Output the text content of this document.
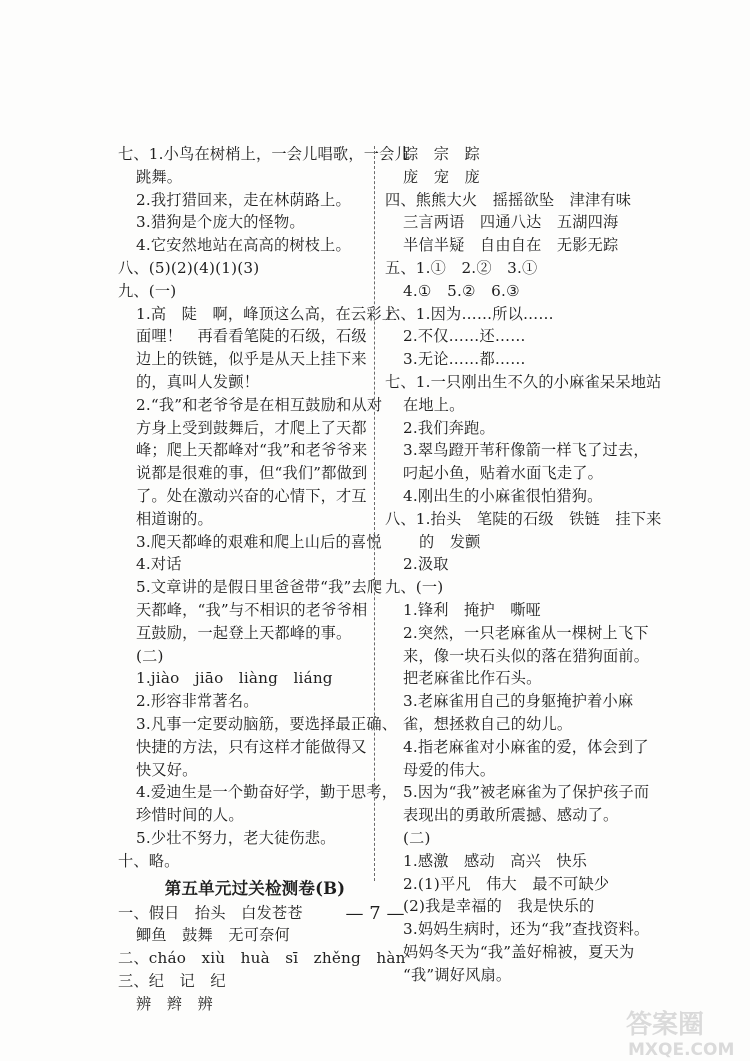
七、1.小鸟在树梢上，一会儿唱歌，一会儿
跳舞。
2.我打猎回来，走在林荫路上。
3.猎狗是个庞大的怪物。
4.它安然地站在高高的树枝上。
八、(5)(2)(4)(1)(3)
九、(一)
1.高　陡　啊，峰顶这么高，在云彩上
面哩！　再看看笔陡的石级，石级
边上的铁链，似乎是从天上挂下来
的，真叫人发颤！
2.“我”和老爷爷是在相互鼓励和从对
方身上受到鼓舞后，才爬上了天都
峰；爬上天都峰对“我”和老爷爷来
说都是很难的事，但“我们”都做到
了。处在激动兴奋的心情下，才互
相道谢的。
3.爬天都峰的艰难和爬上山后的喜悦
4.对话
5.文章讲的是假日里爸爸带“我”去爬
天都峰，“我”与不相识的老爷爷相
互鼓励，一起登上天都峰的事。
(二)
1.jiào　jiāo　liàng　liáng
2.形容非常著名。
3.凡事一定要动脑筋，要选择最正确、
快捷的方法，只有这样才能做得又
快又好。
4.爱迪生是一个勤奋好学，勤于思考，
珍惜时间的人。
5.少壮不努力，老大徒伤悲。
十、略。
第五单元过关检测卷(B)
一、假日　抬头　白发苍苍
鲫鱼　鼓舞　无可奈何
二、cháo　xiù　huà　sī　zhěng　hàn
三、纪　记　纪
辨　辫　辨
踪　宗　踪
庞　宠　庞
四、熊熊大火　摇摇欲坠　津津有味
三言两语　四通八达　五湖四海
半信半疑　自由自在　无影无踪
五、1.①　2.②　3.①
4.①　5.②　6.③
六、1.因为……所以……
2.不仅……还……
3.无论……都……
七、1.一只刚出生不久的小麻雀呆呆地站
在地上。
2.我们奔跑。
3.翠鸟蹬开苇秆像箭一样飞了过去，
叼起小鱼，贴着水面飞走了。
4.刚出生的小麻雀很怕猎狗。
八、1.抬头　笔陡的石级　铁链　挂下来
的　发颤
2.汲取
九、(一)
1.锋利　掩护　嘶哑
2.突然，一只老麻雀从一棵树上飞下
来，像一块石头似的落在猎狗面前。
把老麻雀比作石头。
3.老麻雀用自己的身躯掩护着小麻
雀，想拯救自己的幼儿。
4.指老麻雀对小麻雀的爱，体会到了
母爱的伟大。
5.因为“我”被老麻雀为了保护孩子而
表现出的勇敢所震撼、感动了。
(二)
1.感激　感动　高兴　快乐
2.(1)平凡　伟大　最不可缺少
(2)我是幸福的　我是快乐的
3.妈妈生病时，还为“我”查找资料。
妈妈冬天为“我”盖好棉被，夏天为
“我”调好风扇。
— 7 —
答案圈
MXQE.COM
